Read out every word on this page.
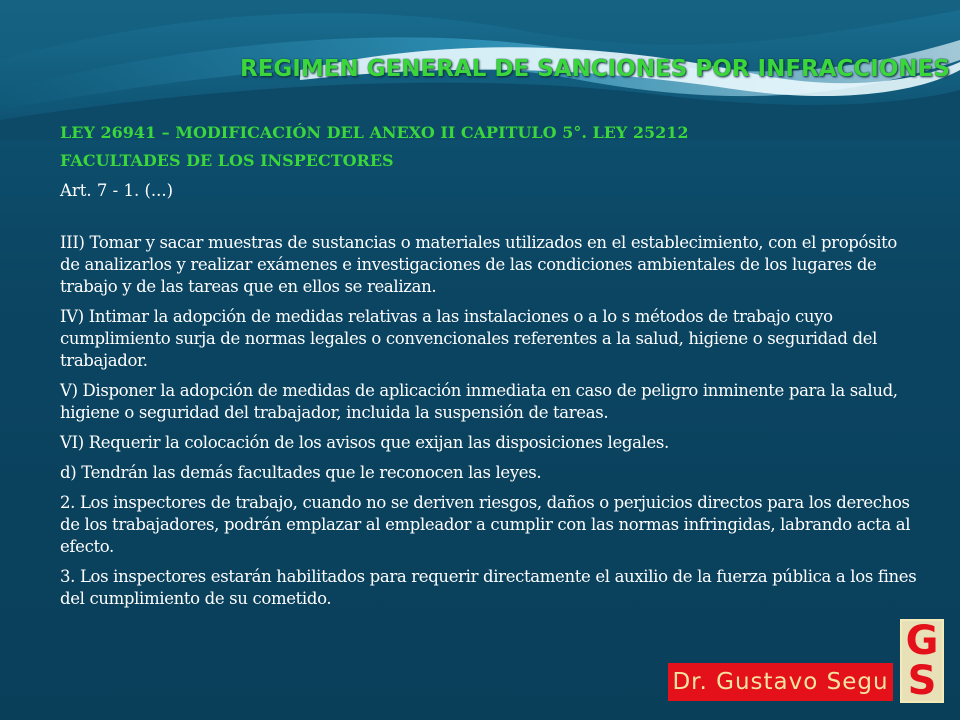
REGIMEN GENERAL DE SANCIONES POR INFRACCIONES

LEY 26941 – MODIFICACIÓN DEL ANEXO II CAPITULO 5°. LEY 25212

FACULTADES DE LOS INSPECTORES

Art. 7 - 1. (...)

III) Tomar y sacar muestras de sustancias o materiales utilizados en el establecimiento, con el propósito de analizarlos y realizar exámenes e investigaciones de las condiciones ambientales de los lugares de trabajo y de las tareas que en ellos se realizan.

IV) Intimar la adopción de medidas relativas a las instalaciones o a lo s métodos de trabajo cuyo cumplimiento surja de normas legales o convencionales referentes a la salud, higiene o seguridad del trabajador.

V) Disponer la adopción de medidas de aplicación inmediata en caso de peligro inminente para la salud, higiene o seguridad del trabajador, incluida la suspensión de tareas.

VI) Requerir la colocación de los avisos que exijan las disposiciones legales.

d) Tendrán las demás facultades que le reconocen las leyes.

2. Los inspectores de trabajo, cuando no se deriven riesgos, daños o perjuicios directos para los derechos de los trabajadores, podrán emplazar al empleador a cumplir con las normas infringidas, labrando acta al efecto.

3. Los inspectores estarán habilitados para requerir directamente el auxilio de la fuerza pública a los fines del cumplimiento de su cometido.

Dr. Gustavo Segu
G
S
